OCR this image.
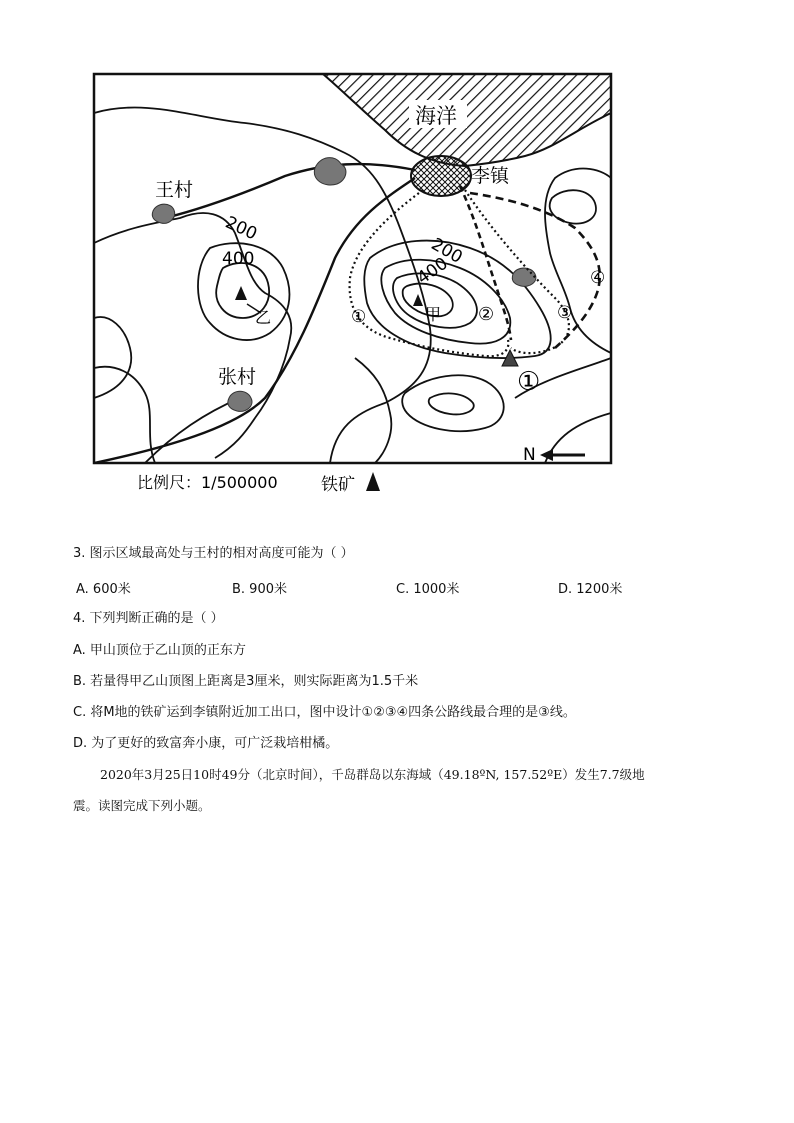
海洋
李镇
王村
张村
200
400	200
400
乙	甲
①	②	③
④
①
N
比例尺：1/500000	铁矿
3. 图示区域最高处与王村的相对高度可能为（ ）
A. 600米	B. 900米	C. 1000米	D. 1200米
4. 下列判断正确的是（ ）
A. 甲山顶位于乙山顶的正东方
B. 若量得甲乙山顶图上距离是3厘米，则实际距离为1.5千米
C. 将M地的铁矿运到李镇附近加工出口，图中设计①②③④四条公路线最合理的是③线。
D. 为了更好的致富奔小康，可广泛栽培柑橘。
2020年3月25日10时49分（北京时间），千岛群岛以东海域（49.18ºN, 157.52ºE）发生7.7级地
震。读图完成下列小题。
